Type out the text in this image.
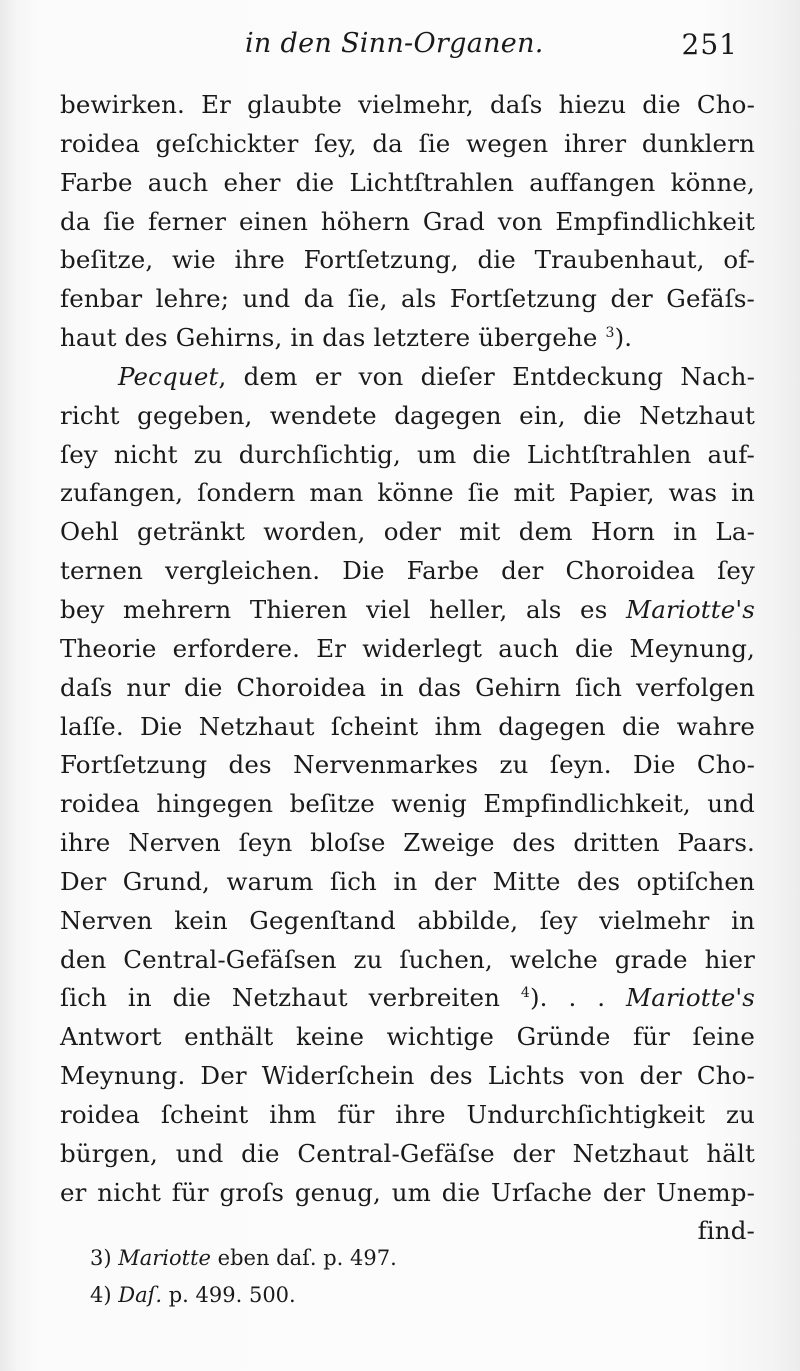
in den Sinn-Organen.	251
bewirken. Er glaubte vielmehr, daſs hiezu die Cho-
roidea geſchickter ſey, da ſie wegen ihrer dunklern
Farbe auch eher die Lichtſtrahlen auffangen könne,
da ſie ferner einen höhern Grad von Empfindlichkeit
beſitze, wie ihre Fortſetzung, die Traubenhaut, of-
fenbar lehre; und da ſie, als Fortſetzung der Gefäſs-
haut des Gehirns, in das letztere übergehe $^3$).
Pecquet, dem er von dieſer Entdeckung Nach-
richt gegeben, wendete dagegen ein, die Netzhaut
ſey nicht zu durchſichtig, um die Lichtſtrahlen auf-
zufangen, ſondern man könne ſie mit Papier, was in
Oehl getränkt worden, oder mit dem Horn in La-
ternen vergleichen. Die Farbe der Choroidea ſey
bey mehrern Thieren viel heller, als es Mariotte's
Theorie erfordere. Er widerlegt auch die Meynung,
daſs nur die Choroidea in das Gehirn ſich verfolgen
laſſe. Die Netzhaut ſcheint ihm dagegen die wahre
Fortſetzung des Nervenmarkes zu ſeyn. Die Cho-
roidea hingegen beſitze wenig Empfindlichkeit, und
ihre Nerven ſeyn bloſse Zweige des dritten Paars.
Der Grund, warum ſich in der Mitte des optiſchen
Nerven kein Gegenſtand abbilde, ſey vielmehr in
den Central-Gefäſsen zu ſuchen, welche grade hier
ſich in die Netzhaut verbreiten $^4$). . . Mariotte's
Antwort enthält keine wichtige Gründe für ſeine
Meynung. Der Widerſchein des Lichts von der Cho-
roidea ſcheint ihm für ihre Undurchſichtigkeit zu
bürgen, und die Central-Gefäſse der Netzhaut hält
er nicht für groſs genug, um die Urſache der Unemp-
find-
3) Mariotte eben daſ. p. 497.
4) Daſ. p. 499. 500.
